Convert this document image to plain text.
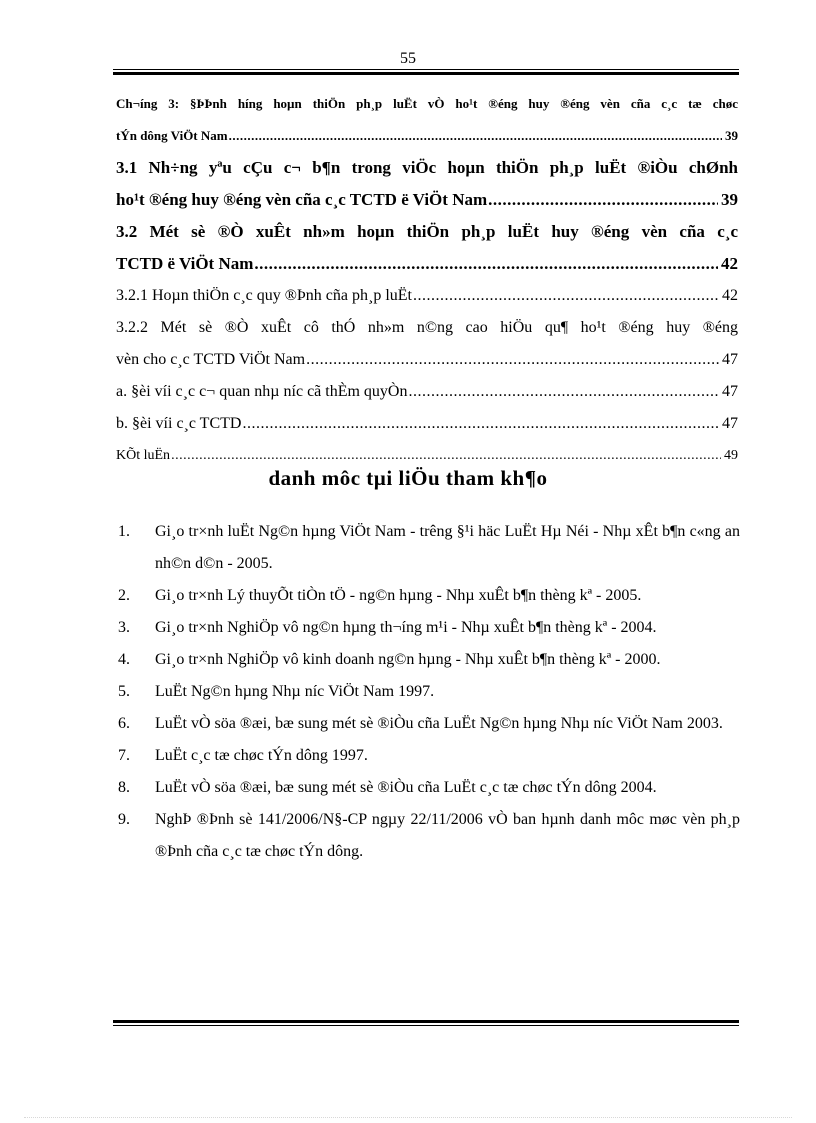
55
Ch¬íng 3: §ÞÞnh híng hoµn thiÖn ph¸p luËt vÒ ho¹t ®éng huy ®éng vèn cña c¸c tæ chøc
tÝn dông ViÖt Nam .....	39
3.1 Nh÷ng yªu cÇu c¬ b¶n trong viÖc hoµn thiÖn ph¸p luËt ®iÒu chØnh
ho¹t ®éng huy ®éng vèn cña c¸c TCTD ë ViÖt Nam .....	39
3.2 Mét sè ®Ò xuÊt nh»m hoµn thiÖn ph¸p luËt huy ®éng vèn cña c¸c
TCTD ë ViÖt Nam .....	42
3.2.1 Hoµn thiÖn c¸c quy ®Þnh cña ph¸p luËt .....	42
3.2.2 Mét sè ®Ò xuÊt cô thÓ nh»m n©ng cao hiÖu qu¶ ho¹t ®éng huy ®éng
vèn cho c¸c TCTD ViÖt Nam .....	47
a. §èi víi c¸c c¬ quan nhµ níc cã thÈm quyÒn .....	47
b. §èi víi c¸c TCTD .....	47
KÕt luËn .....	49
danh môc tµi liÖu tham kh¶o
1.	Gi¸o tr×nh luËt Ng©n hµng ViÖt Nam - trêng §¹i häc LuËt Hµ Néi - Nhµ xÊt b¶n c«ng an nh©n d©n - 2005.
2.	Gi¸o tr×nh Lý thuyÕt tiÒn tÖ - ng©n hµng - Nhµ xuÊt b¶n thèng kª - 2005.
3.	Gi¸o tr×nh NghiÖp vô ng©n hµng th¬íng m¹i - Nhµ xuÊt b¶n thèng kª - 2004.
4.	Gi¸o tr×nh NghiÖp vô kinh doanh ng©n hµng - Nhµ xuÊt b¶n thèng kª - 2000.
5.	LuËt Ng©n hµng Nhµ níc ViÖt Nam 1997.
6.	LuËt vÒ söa ®æi, bæ sung mét sè ®iÒu cña LuËt Ng©n hµng Nhµ níc ViÖt Nam 2003.
7.	LuËt c¸c tæ chøc tÝn dông 1997.
8.	LuËt vÒ söa ®æi, bæ sung mét sè ®iÒu cña LuËt c¸c tæ chøc tÝn dông 2004.
9.	NghÞ ®Þnh sè 141/2006/N§-CP ngµy 22/11/2006 vÒ ban hµnh danh môc møc vèn ph¸p ®Þnh cña c¸c tæ chøc tÝn dông.
